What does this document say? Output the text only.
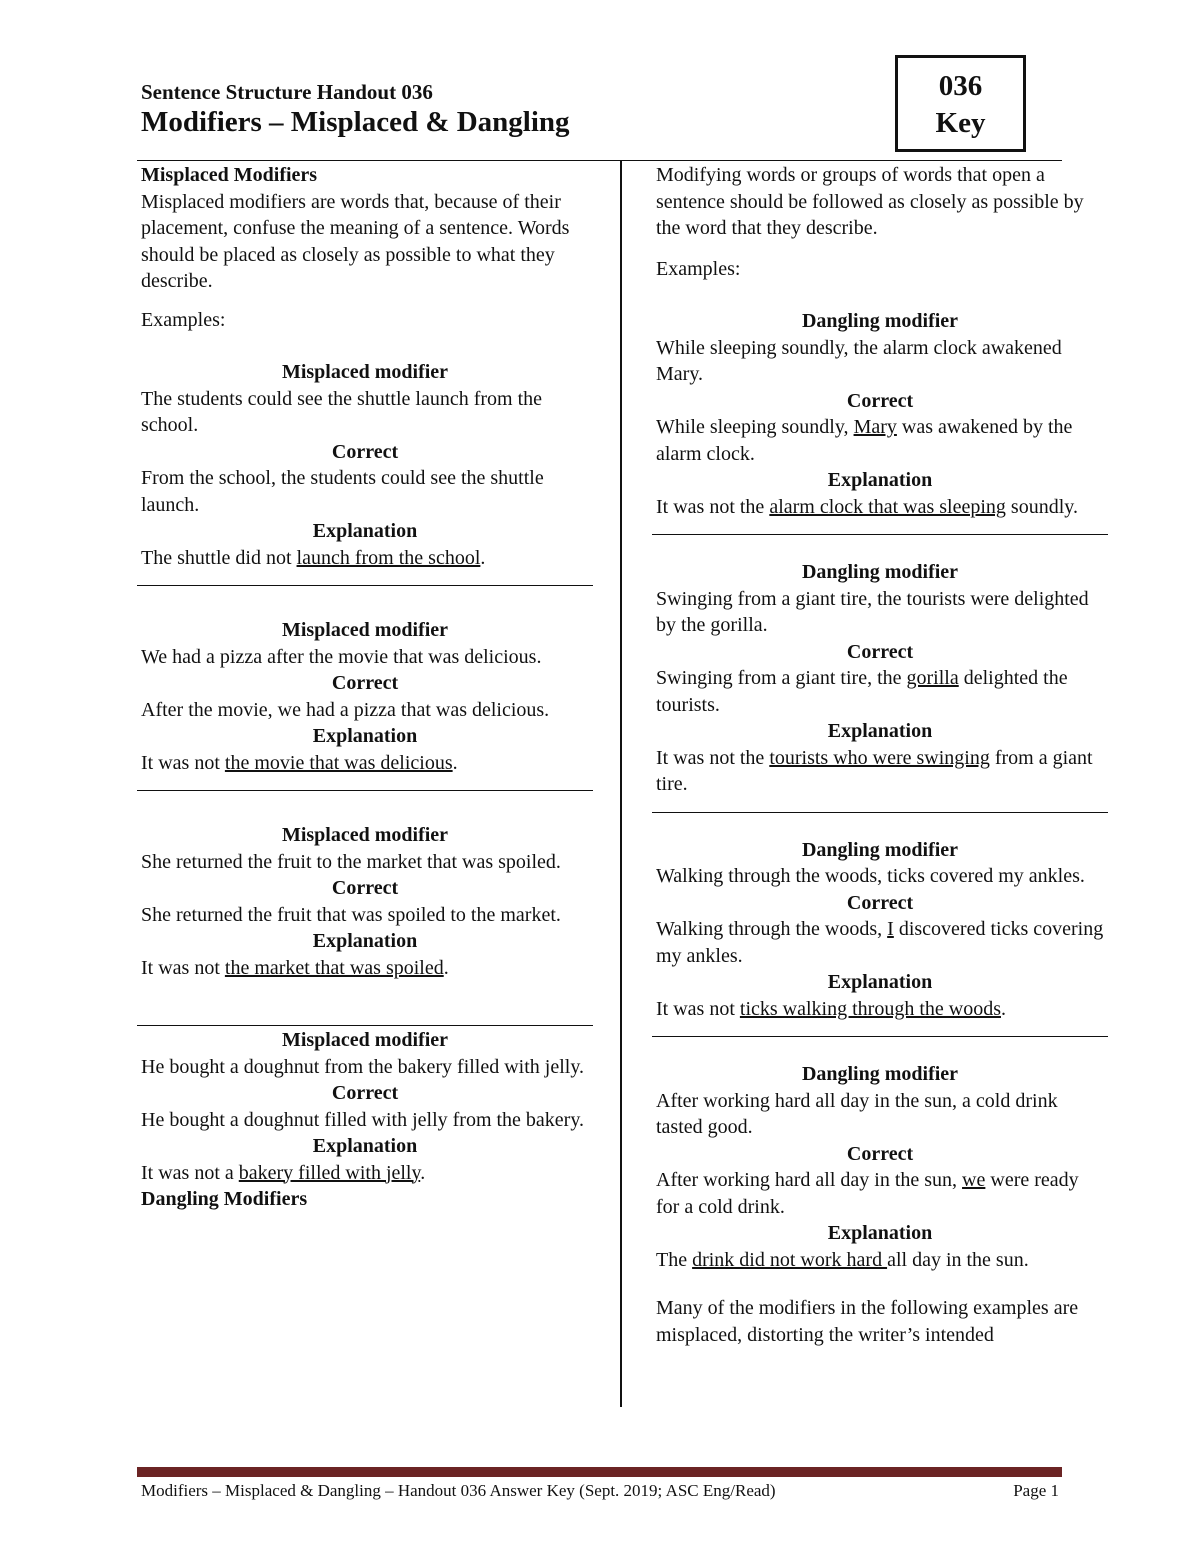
Sentence Structure Handout 036

Modifiers – Misplaced & Dangling
036
Key

Misplaced Modifiers

Misplaced modifiers are words that, because of their placement, confuse the meaning of a sentence. Words should be placed as closely as possible to what they describe.

Examples:

Misplaced modifier

The students could see the shuttle launch from the school.

Correct

From the school, the students could see the shuttle launch.

Explanation

The shuttle did not launch from the school.

Misplaced modifier

We had a pizza after the movie that was delicious.

Correct

After the movie, we had a pizza that was delicious.

Explanation

It was not the movie that was delicious.

Misplaced modifier

She returned the fruit to the market that was spoiled.

Correct

She returned the fruit that was spoiled to the market.

Explanation

It was not the market that was spoiled.

Misplaced modifier

He bought a doughnut from the bakery filled with jelly.

Correct

He bought a doughnut filled with jelly from the bakery.

Explanation

It was not a bakery filled with jelly.

Dangling Modifiers

Modifying words or groups of words that open a sentence should be followed as closely as possible by the word that they describe.

Examples:

Dangling modifier

While sleeping soundly, the alarm clock awakened Mary.

Correct

While sleeping soundly, Mary was awakened by the alarm clock.

Explanation

It was not the alarm clock that was sleeping soundly.

Dangling modifier

Swinging from a giant tire, the tourists were delighted by the gorilla.

Correct

Swinging from a giant tire, the gorilla delighted the tourists.

Explanation

It was not the tourists who were swinging from a giant tire.

Dangling modifier

Walking through the woods, ticks covered my ankles.

Correct

Walking through the woods, I discovered ticks covering my ankles.

Explanation

It was not ticks walking through the woods.

Dangling modifier

After working hard all day in the sun, a cold drink tasted good.

Correct

After working hard all day in the sun, we were ready for a cold drink.

Explanation

The drink did not work hard all day in the sun.

Many of the modifiers in the following examples are misplaced, distorting the writer’s intended

Modifiers – Misplaced & Dangling – Handout 036 Answer Key (Sept. 2019; ASC Eng/Read)	Page 1
